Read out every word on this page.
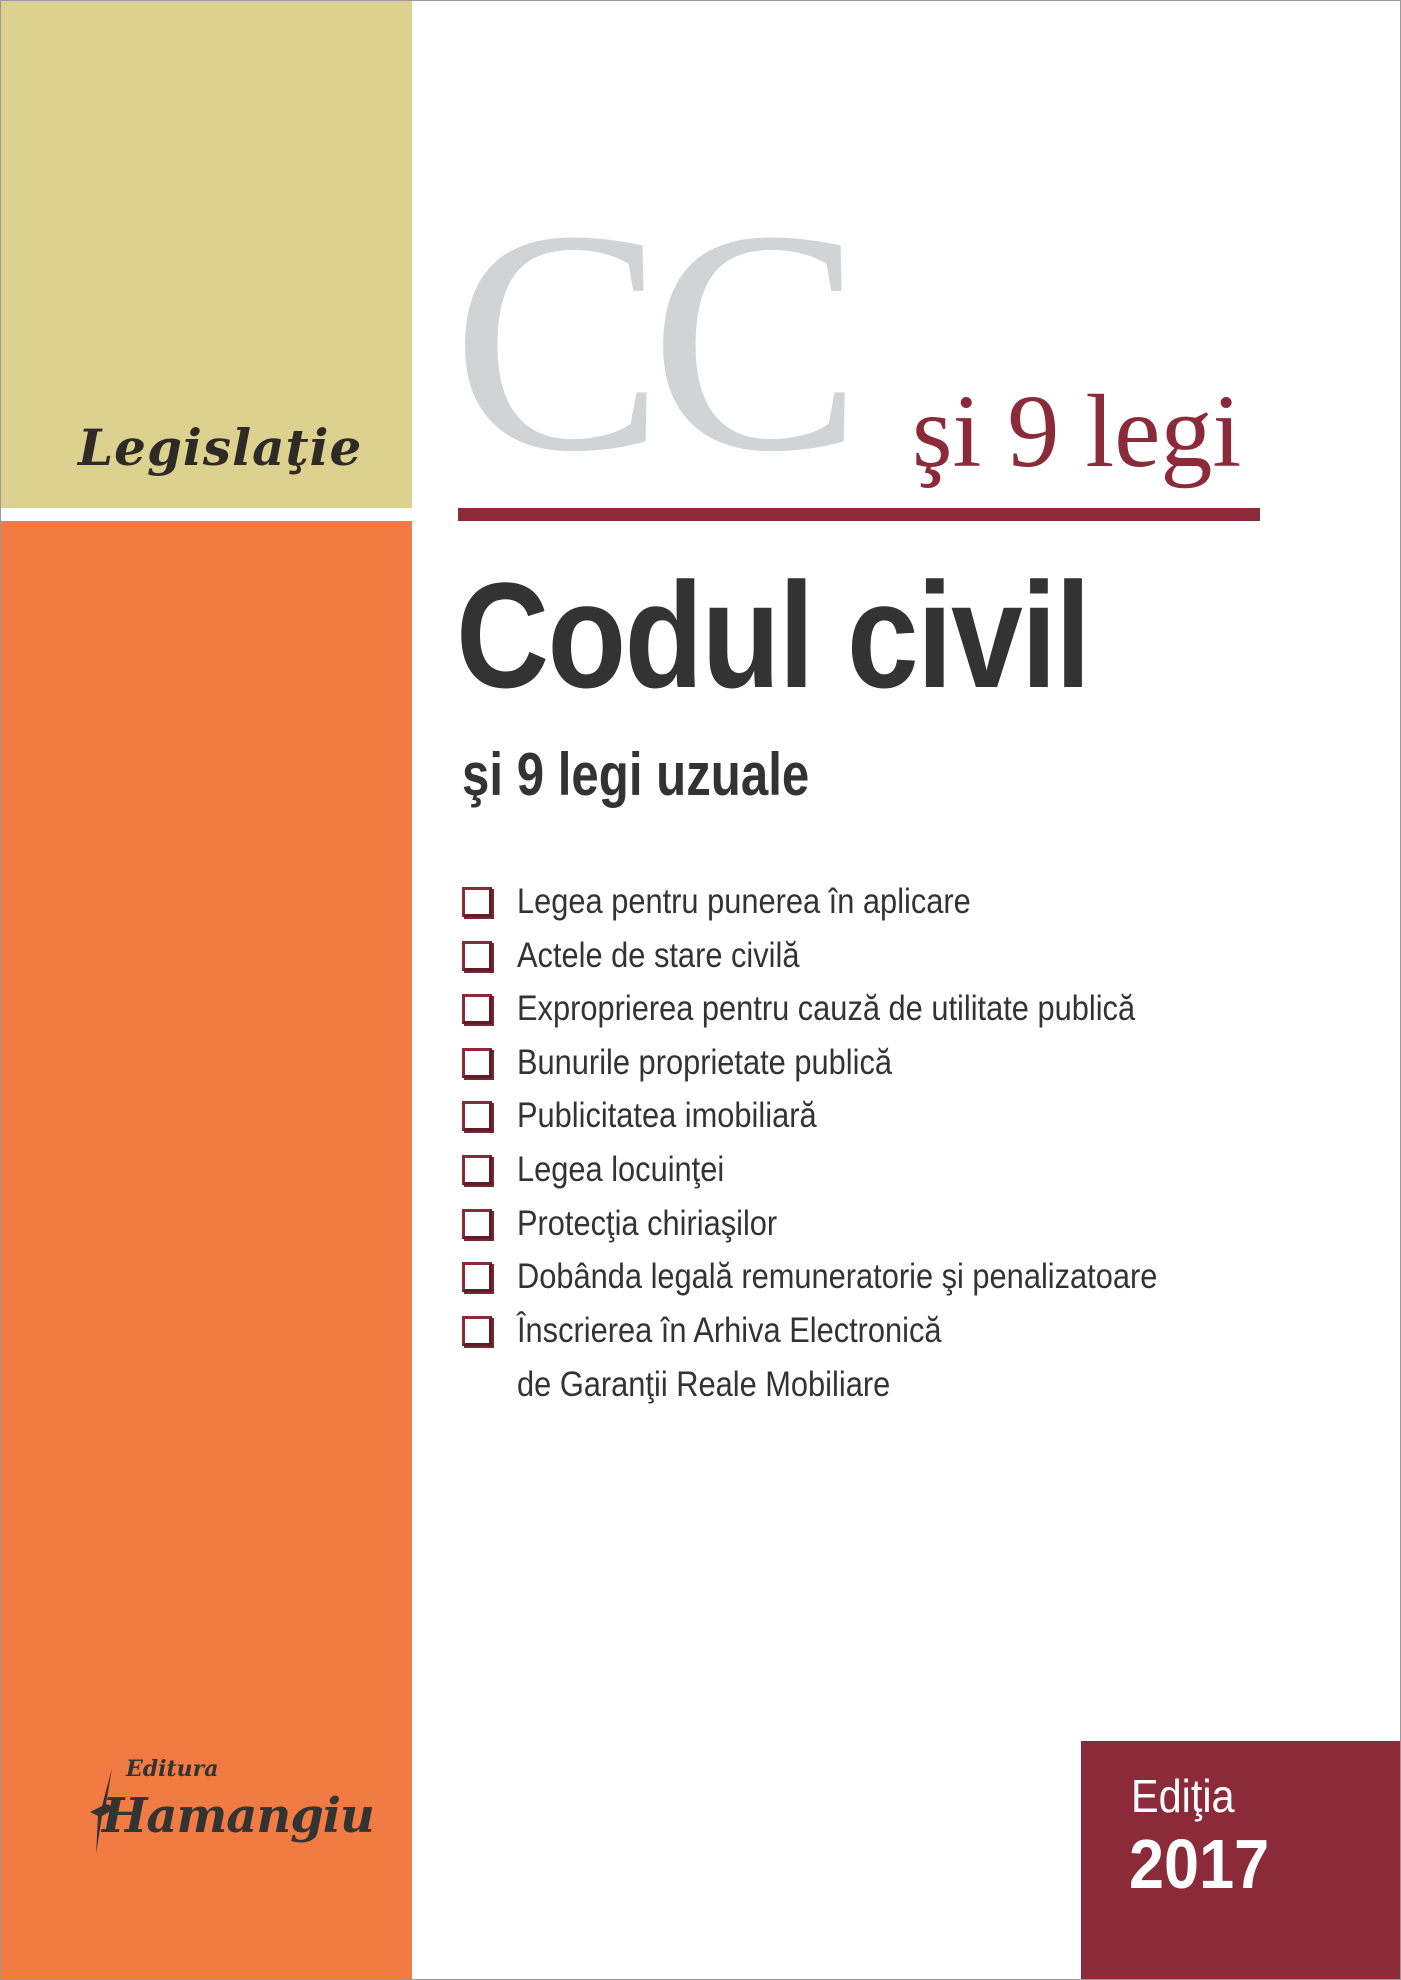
Legislaţie CC şi 9 legi
Codul civil
şi 9 legi uzuale
Legea pentru punerea în aplicare
Actele de stare civilă
Exproprierea pentru cauză de utilitate publică
Bunurile proprietate publică
Publicitatea imobiliară
Legea locuinţei
Protecţia chiriaşilor
Dobânda legală remuneratorie şi penalizatoare
Înscrierea în Arhiva Electronică
de Garanţii Reale Mobiliare
Editura
Hamangiu	Ediţia
2017
